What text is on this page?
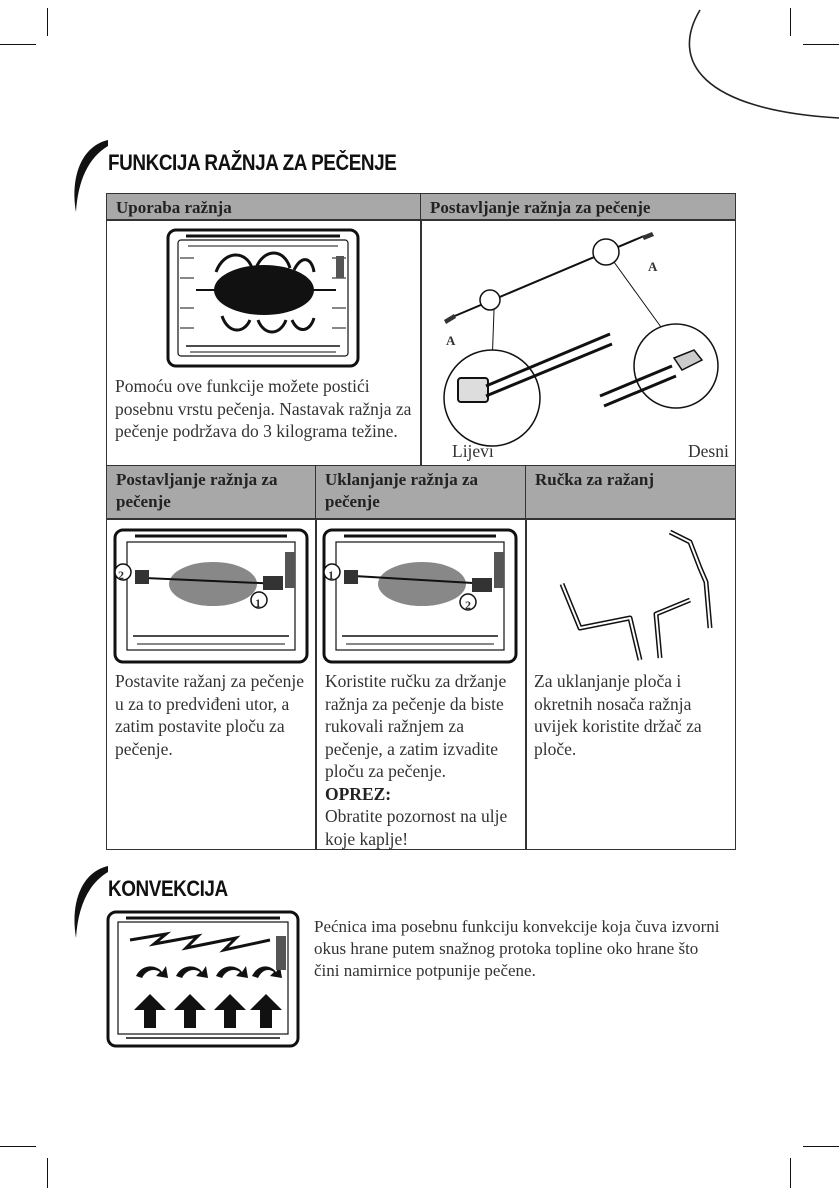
FUNKCIJA RAŽNJA ZA PEČENJE
Uporaba ražnja	Postavljanje ražnja za pečenje
Pomoću ove funkcije možete postići posebnu vrstu pečenja. Nastavak ražnja za pečenje podržava do 3 kilograma težine.
A
A
Lijevi	Desni
Postavljanje ražnja za pečenje
Uklanjanje ražnja za pečenje
Ručka za ražanj
2
1
1
2
Postavite ražanj za pečenje u za to predviđeni utor, a zatim postavite ploču za pečenje.
Koristite ručku za držanje ražnja za pečenje da biste rukovali ražnjem za pečenje, a zatim izvadite ploču za pečenje.
OPREZ:
Obratite pozornost na ulje koje kaplje!
Za uklanjanje ploča i okretnih nosača ražnja uvijek koristite držač za ploče.
KONVEKCIJA
Pećnica ima posebnu funkciju konvekcije koja čuva izvorni okus hrane putem snažnog protoka topline oko hrane što čini namirnice potpunije pečene.
